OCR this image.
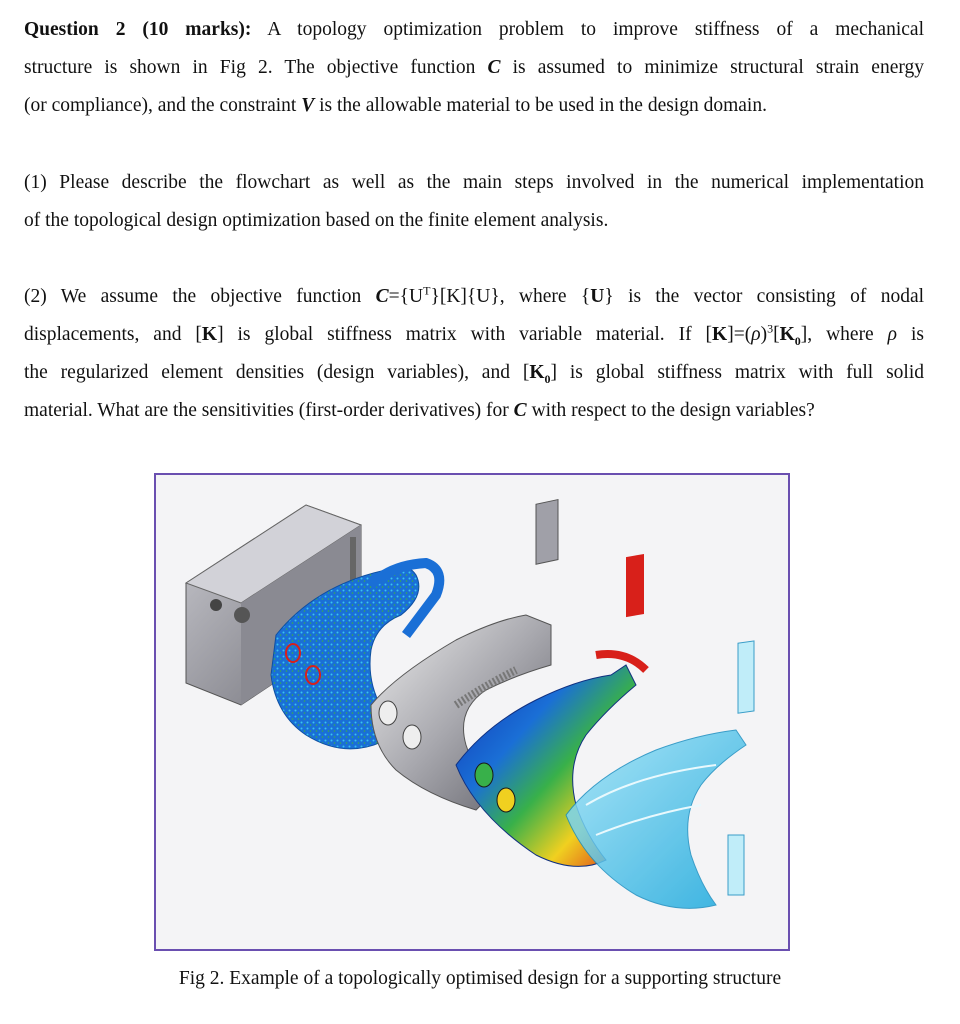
Question 2 (10 marks): A topology optimization problem to improve stiffness of a mechanical
structure is shown in Fig 2. The objective function C is assumed to minimize structural strain energy
(or compliance), and the constraint V is the allowable material to be used in the design domain.
(1) Please describe the flowchart as well as the main steps involved in the numerical implementation
of the topological design optimization based on the finite element analysis.
(2) We assume the objective function $C=\{U^T\}[K]\{U\}$, where {U} is the vector consisting of nodal
displacements, and [K] is global stiffness matrix with variable material. If $[K]=(\rho)^3[K_0]$, where ρ is
the regularized element densities (design variables), and $[K_0]$ is global stiffness matrix with full solid
material. What are the sensitivities (first-order derivatives) for C with respect to the design variables?
Fig 2. Example of a topologically optimised design for a supporting structure
